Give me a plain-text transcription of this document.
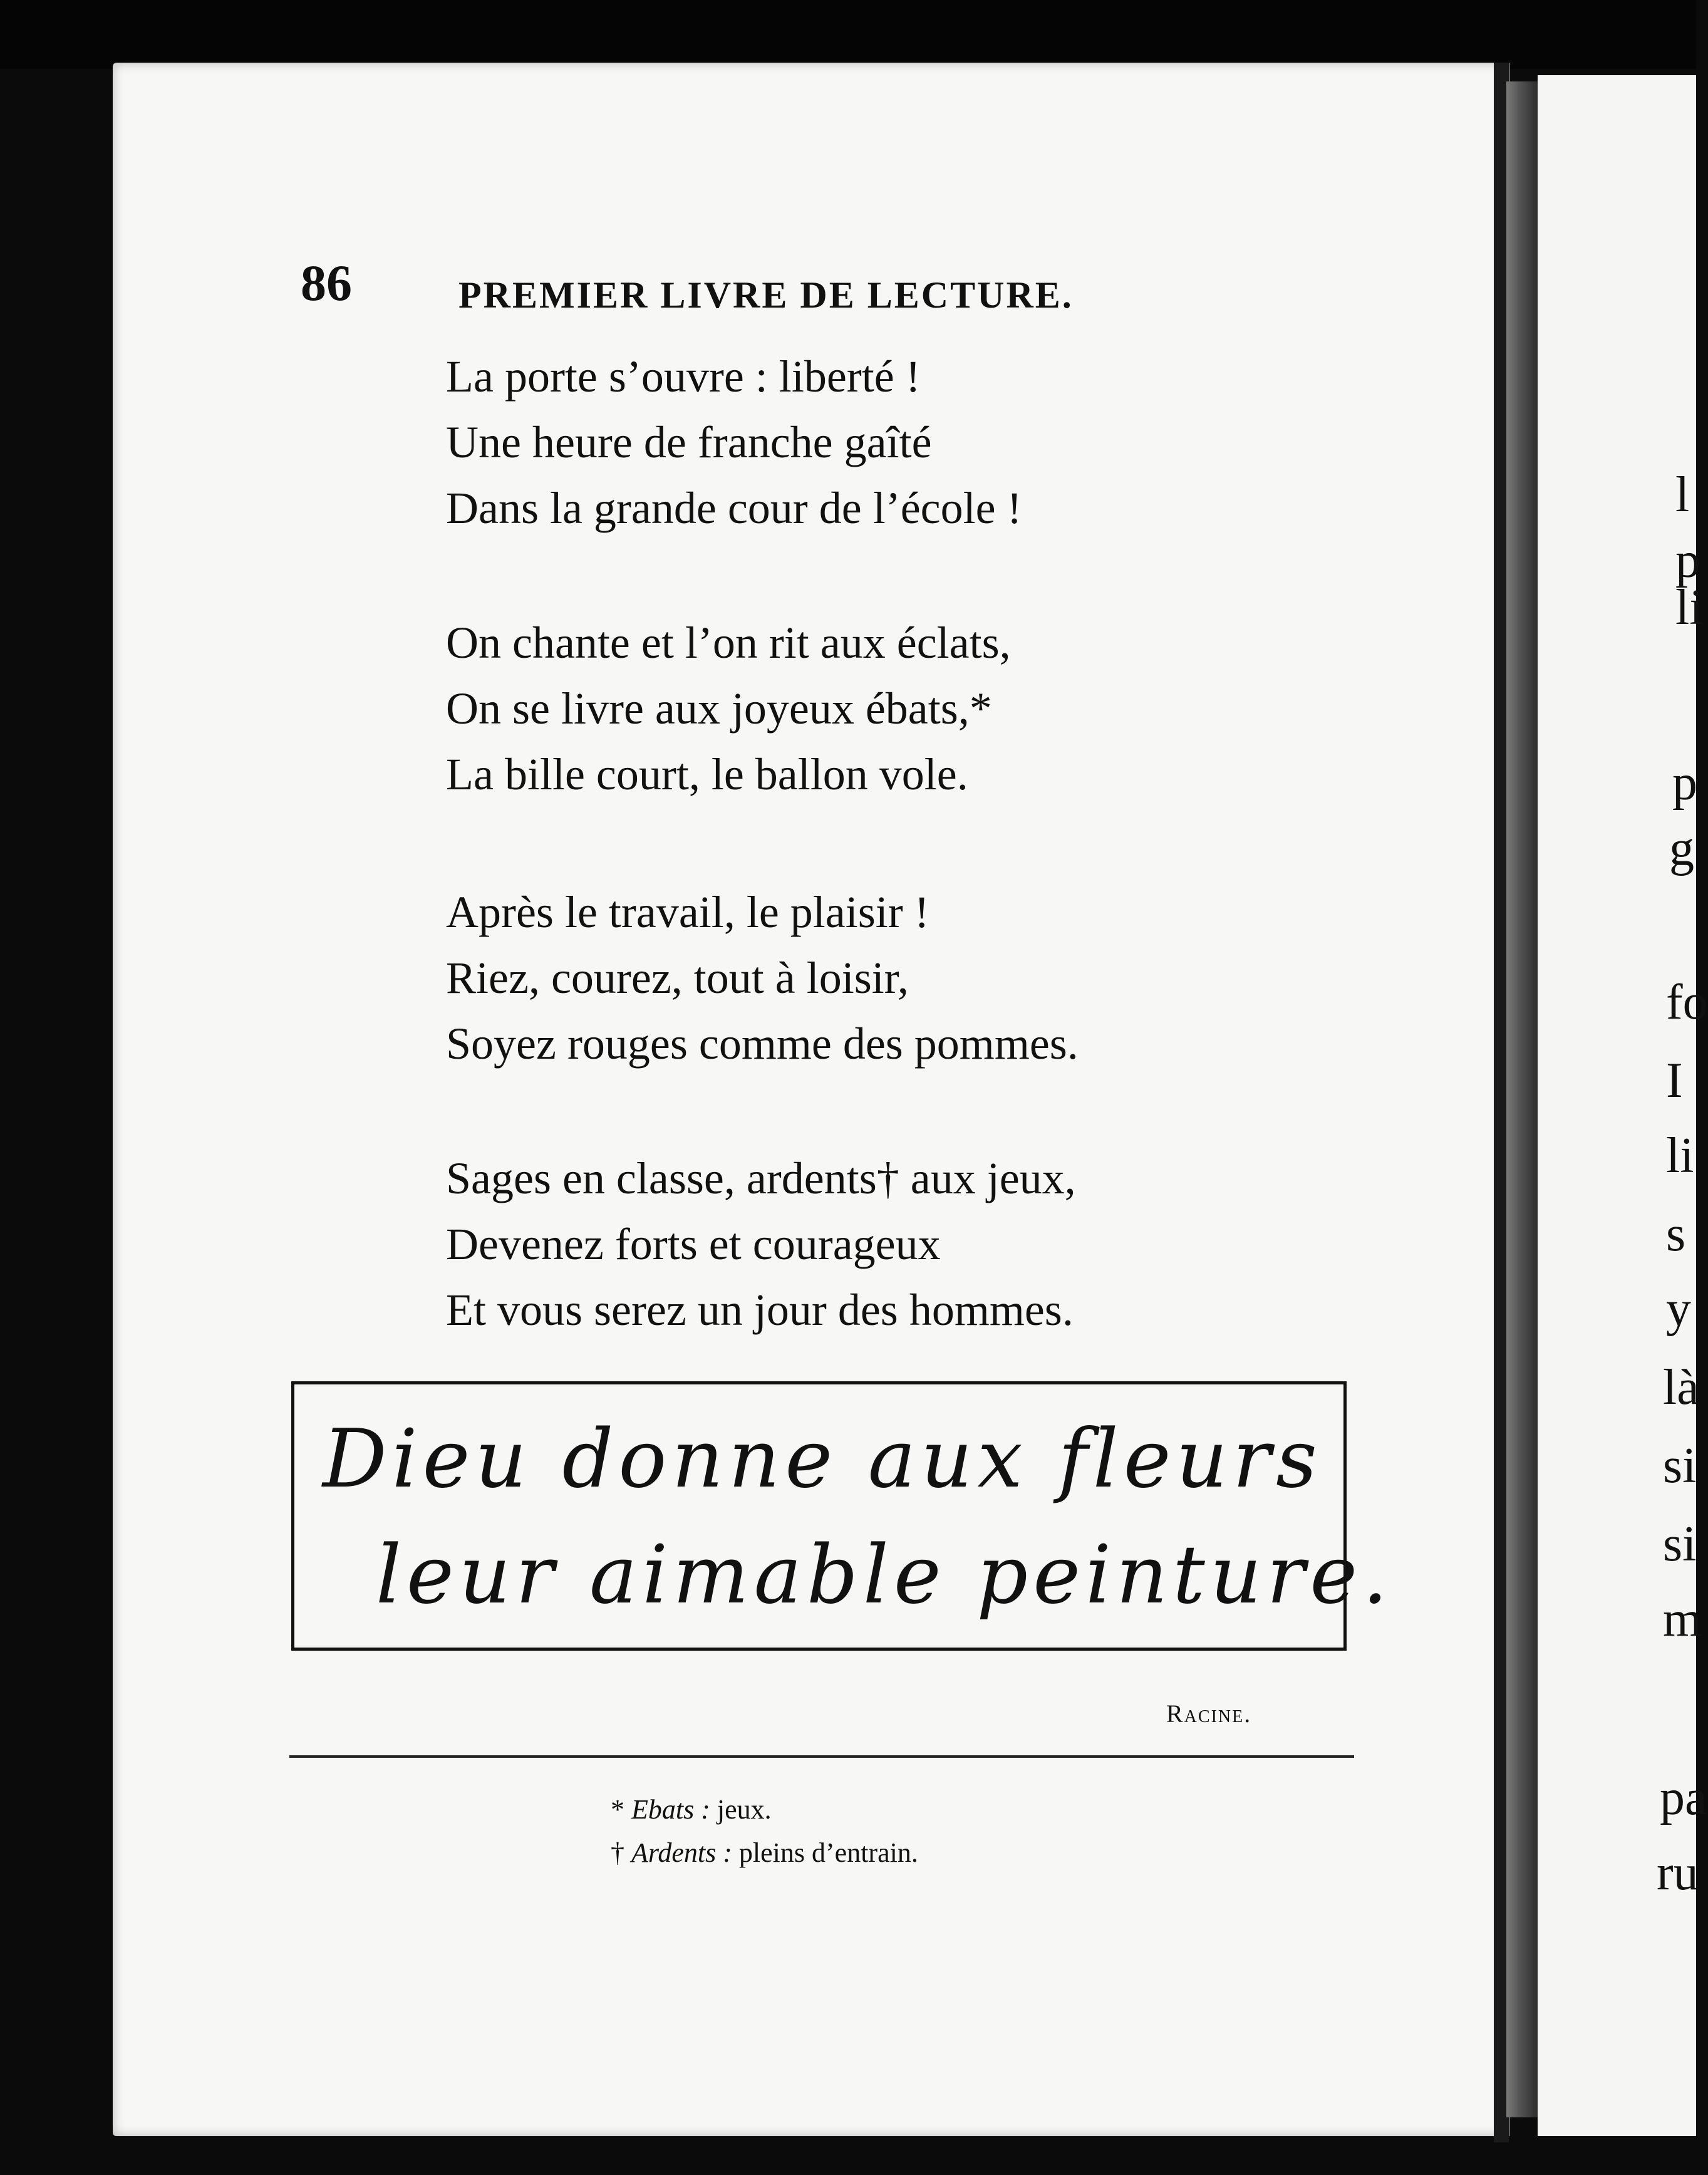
86	PREMIER LIVRE DE LECTURE.
La porte s’ouvre : liberté !
Une heure de franche gaîté
Dans la grande cour de l’école !
On chante et l’on rit aux éclats,
On se livre aux joyeux ébats,*
La bille court, le ballon vole.
Après le travail, le plaisir !
Riez, courez, tout à loisir,
Soyez rouges comme des pommes.
Sages en classe, ardents† aux jeux,
Devenez forts et courageux
Et vous serez un jour des hommes.
Dieu donne aux fleurs
leur aimable peinture.
Racine.
* Ebats : jeux.
† Ardents : pleins d’entrain.
l
p
li
p
g
fo
I
li
s
y
là
si
si
m
pa
ru
